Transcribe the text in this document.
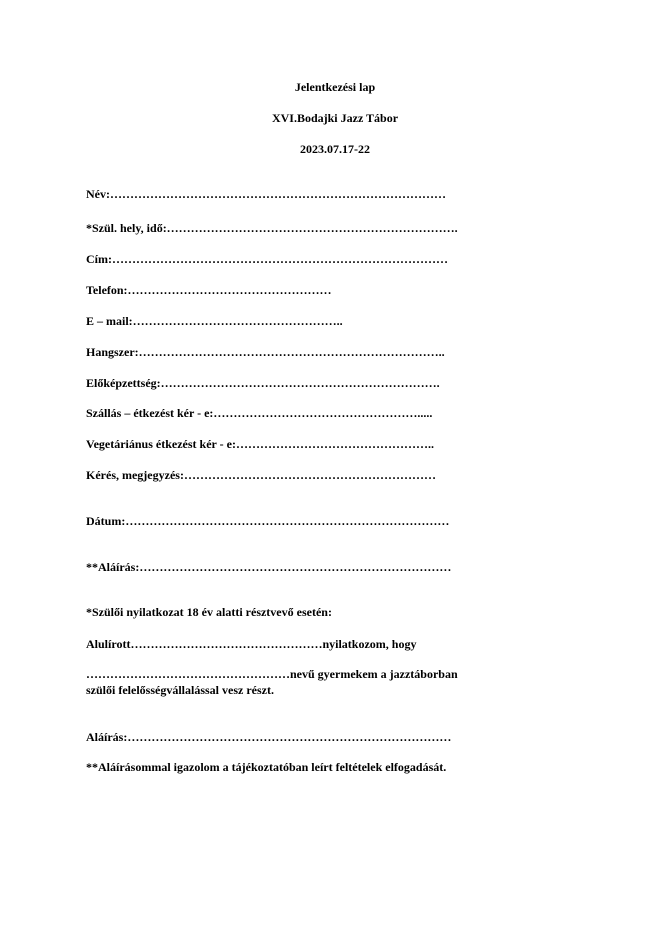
Jelentkezési lap
XVI.Bodajki Jazz Tábor
2023.07.17-22
Név:…………………………………………………………………………
*Szül. hely, idő:……………………………………………………………….
Cím:…………………………………………………………………………
Telefon:……………………………………………
E – mail:……………………………………………..
Hangszer:…………………………………………………………………..
Előképzettség:…………………………………………………………….
Szállás – étkezést kér - e:…………………………………………….....
Vegetáriánus étkezést kér - e:…………………………………………..
Kérés, megjegyzés:………………………………………………………
Dátum:………………………………………………………………………
**Aláírás:……………………………………………………………………
*Szülői nyilatkozat 18 év alatti résztvevő esetén:
Alulírott…………………………………………nyilatkozom, hogy
……………………………………………nevű gyermekem a jazztáborban
szülői felelősségvállalással vesz részt.
Aláírás:………………………………………………………………………
**Aláírásommal igazolom a tájékoztatóban leírt feltételek elfogadását.
